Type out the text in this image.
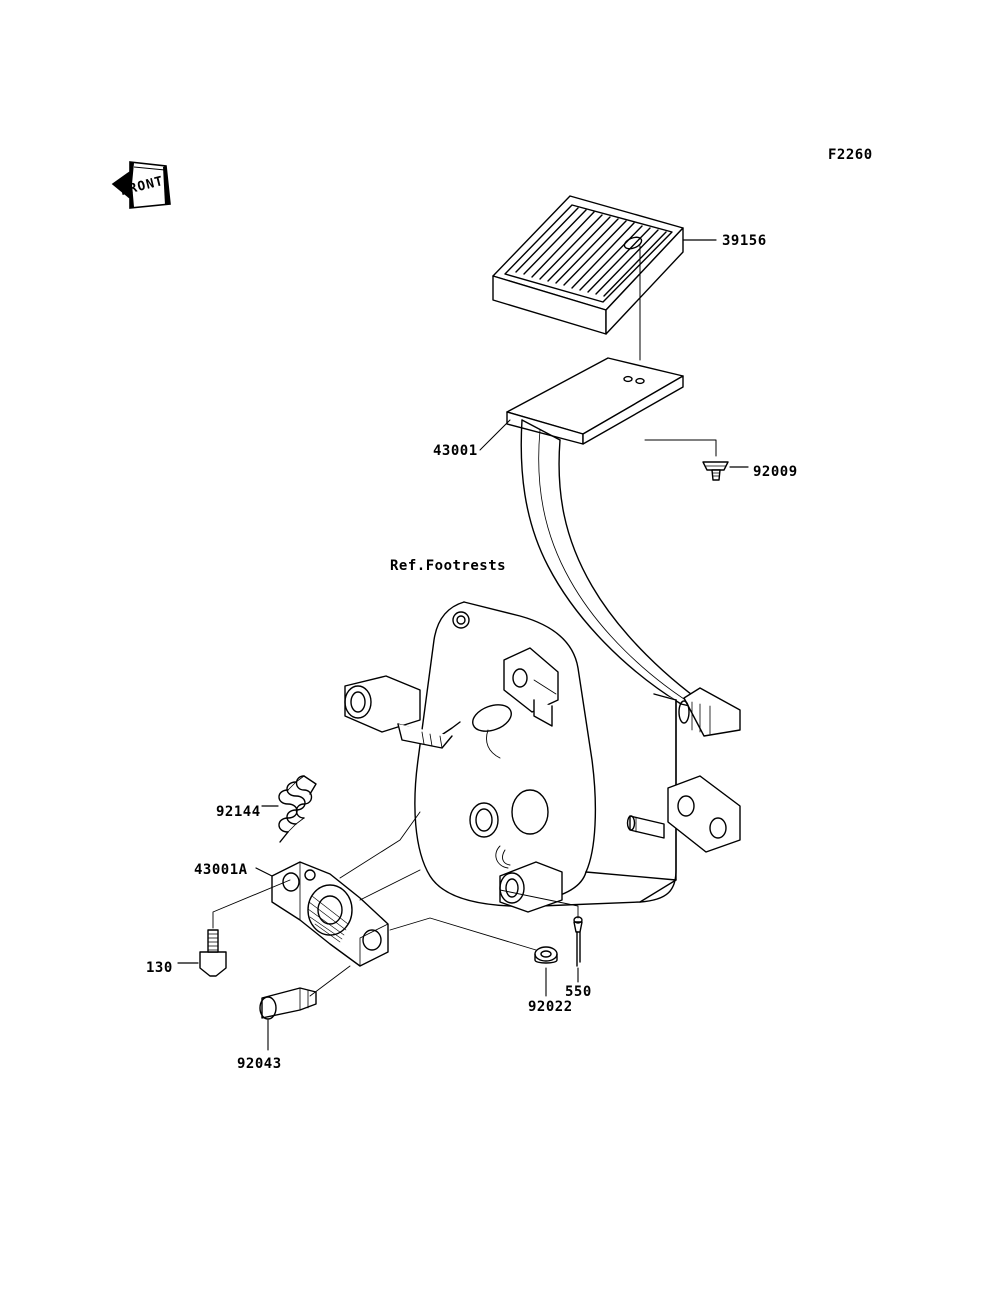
F2260
FRONT
Ref.Footrests
39156
43001
92009
92144
43001A
130
92022
550
92043
